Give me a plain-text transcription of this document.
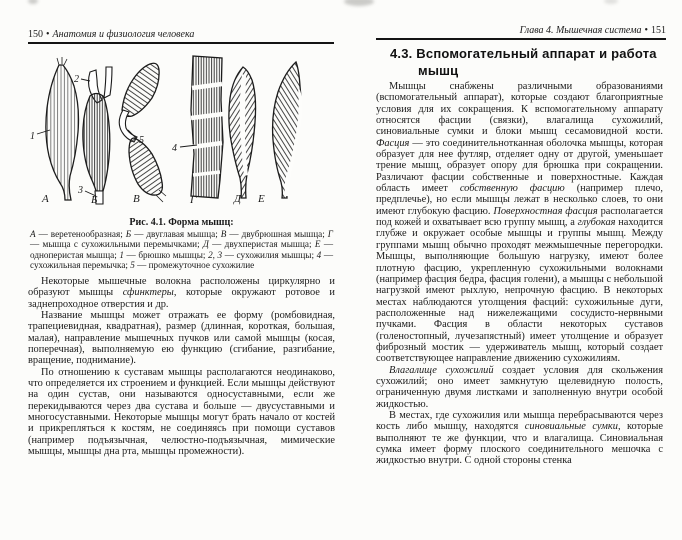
150 • Анатомия и физиология человека
А	Б	В	Г	Д Е
1
2
3
4
5
Рис. 4.1. Форма мышц:
А — веретенообразная; Б — двуглавая мышца; В — двубрюшная мышца; Г — мышца с сухожильными перемычками; Д — двухперистая мышца; Е — одноперистая мышца; 1 — брюшко мышцы; 2, 3 — сухожилия мышцы; 4 — сухожильная перемычка; 5 — промежуточное сухожилие

Некоторые мышечные волокна расположены циркулярно и образуют мышцы сфинктеры, которые окружают ротовое и заднепроходное отверстия и др.

Название мышцы может отражать ее форму (ромбовидная, трапециевидная, квадратная), размер (длинная, короткая, большая, малая), направление мышечных пучков или самой мышцы (косая, поперечная), выполняемую ею функцию (сгибание, разгибание, вращение, поднимание).

По отношению к суставам мышцы располагаются неодинаково, что определяется их строением и функцией. Если мышцы действуют на один сустав, они называются односуставными, если же перекидываются через два сустава и больше — двусуставными и многосуставными. Некоторые мышцы могут брать начало от костей и прикрепляться к костям, не соединяясь при помощи суставов (например подъязычная, челюстно-подъязычная, мимические мышцы, мышцы дна рта, мышцы промежности).

Глава 4. Мышечная система • 151
4.3. Вспомогательный аппарат и работа мышц

Мышцы снабжены различными образованиями (вспомогательный аппарат), которые создают благоприятные условия для их сокращения. К вспомогательному аппарату относятся фасции (связки), влагалища сухожилий, синовиальные сумки и блоки мышц сесамовидной кости. Фасция — это соединительнотканная оболочка мышцы, которая образует для нее футляр, отделяет одну от другой, уменьшает трение мышц, образует опору для брюшка при сокращении. Различают фасции собственные и поверхностные. Каждая область имеет собственную фасцию (например плечо, предплечье), но если мышцы лежат в несколько слоев, то они имеют глубокую фасцию. Поверхностная фасция располагается под кожей и охватывает всю группу мышц, а глубокая находится глубже и окружает особые мышцы и группы мышц. Между группами мышц обычно проходят межмышечные перегородки. Мышцы, выполняющие большую нагрузку, имеют более плотную фасцию, укрепленную сухожильными волокнами (например фасция бедра, фасция голени), а мышцы с небольшой нагрузкой имеют рыхлую, непрочную фасцию. В некоторых местах наблюдаются утолщения фасций: сухожильные дуги, расположенные над нижележащими сосудисто-нервными пучками. Фасция в области некоторых суставов (голеностопный, лучезапястный) имеет утолщение и образует фиброзный мостик — удерживатель мышц, который создает соответствующее направление движению сухожилиям.

Влагалище сухожилий создает условия для скольжения сухожилий; оно имеет замкнутую щелевидную полость, ограниченную двумя листками и заполненную внутри особой жидкостью.

В местах, где сухожилия или мышца перебрасываются через кость либо мышцу, находятся синовиальные сумки, которые выполняют те же функции, что и влагалища. Синовиальная сумка имеет форму плоского соединительного мешочка с жидкостью внутри. С одной стороны стенка
